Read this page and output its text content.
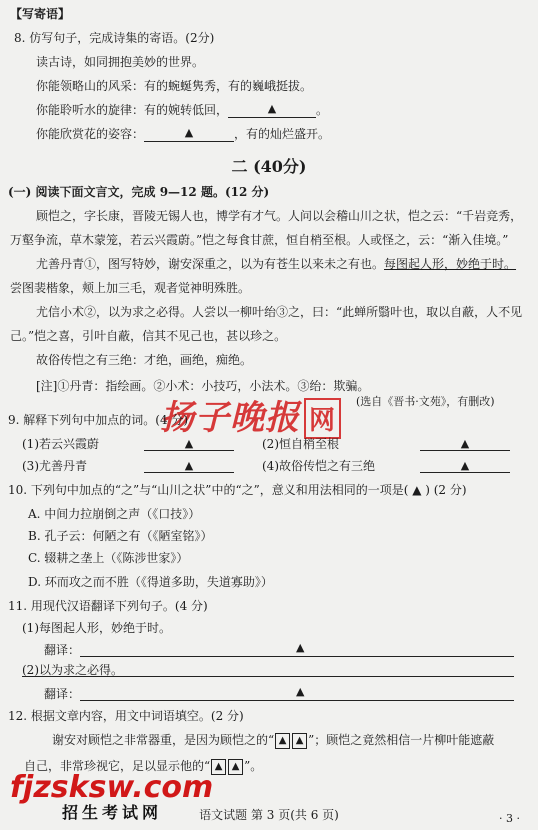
【写寄语】
8. 仿写句子，完成诗集的寄语。(2分)
读古诗，如同拥抱美妙的世界。
你能领略山的风采：有的蜿蜒隽秀，有的巍峨挺拔。
你能聆听水的旋律：有的婉转低回，	▲	。
你能欣赏花的姿容：	▲	，有的灿烂盛开。
二 (40分)
(一) 阅读下面文言文，完成 9—12 题。(12 分)
顾恺之，字长康，晋陵无锡人也，博学有才气。人问以会稽山川之状，恺之云：“千岩竞秀，
万壑争流，草木蒙笼，若云兴霞蔚。”恺之每食甘蔗，恒自梢至根。人或怪之，云：“渐入佳境。”
尤善丹青①，图写特妙，谢安深重之，以为有苍生以来未之有也。每图起人形，妙绝于时。
尝图裴楷象，颊上加三毛，观者觉神明殊胜。
尤信小术②，以为求之必得。人尝以一柳叶绐③之，曰：“此蝉所翳叶也，取以自蔽，人不见
己。”恺之喜，引叶自蔽，信其不见己也，甚以珍之。
故俗传恺之有三绝：才绝，画绝，痴绝。
[注]①丹青：指绘画。②小术：小技巧，小法术。③绐：欺骗。
(选自《晋书·文苑》，有删改)
扬子晚报 网
9. 解释下列句中加点的词。(4 分)
(1)若云兴霞蔚	▲	(2)恒自梢至根	▲
(3)尤善丹青	▲	(4)故俗传恺之有三绝	▲
10. 下列句中加点的“之”与“山川之状”中的“之”，意义和用法相同的一项是( ▲ ) (2 分)
A. 中间力拉崩倒之声（《口技》）
B. 孔子云：何陋之有（《陋室铭》）
C. 辍耕之垄上（《陈涉世家》）
D. 环而攻之而不胜（《得道多助，失道寡助》）
11. 用现代汉语翻译下列句子。(4 分)
(1)每图起人形，妙绝于时。
翻译：	▲
(2)以为求之必得。
翻译：	▲
12. 根据文章内容，用文中词语填空。(2 分)
谢安对顾恺之非常器重，是因为顾恺之的“ ▲ ▲ ”；顾恺之竟然相信一片柳叶能遮蔽
自己，非常珍视它，足以显示他的“ ▲ ▲ ”。
fjzsksw.com
招生考试网	语文试题 第 3 页(共 6 页)	· 3 ·
